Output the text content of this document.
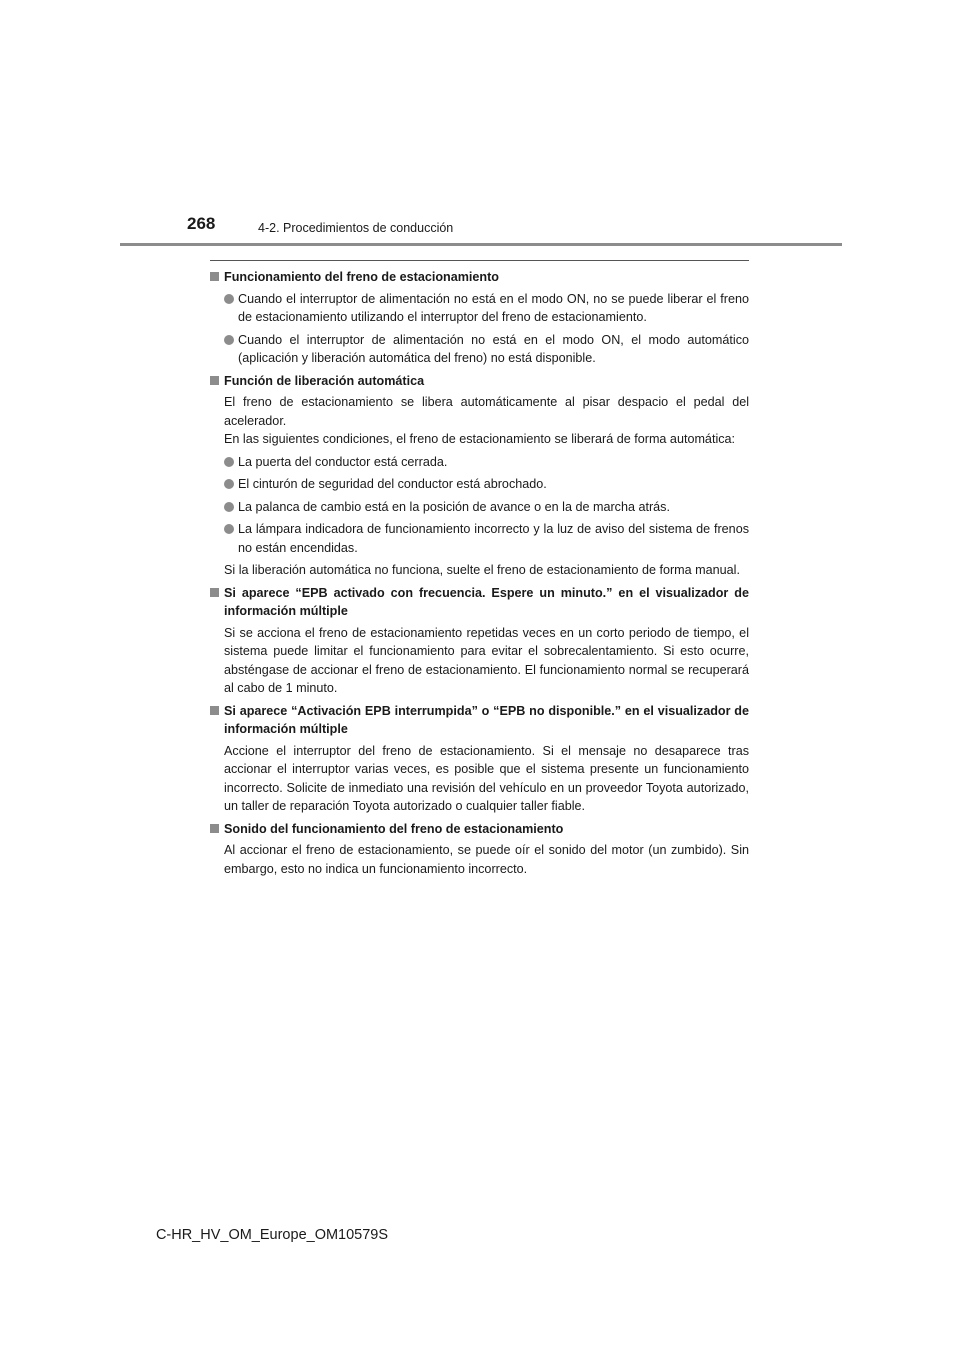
268	4-2. Procedimientos de conducción
Funcionamiento del freno de estacionamiento
Cuando el interruptor de alimentación no está en el modo ON, no se puede liberar el freno de estacionamiento utilizando el interruptor del freno de estacionamiento.
Cuando el interruptor de alimentación no está en el modo ON, el modo automático (aplicación y liberación automática del freno) no está disponible.
Función de liberación automática
El freno de estacionamiento se libera automáticamente al pisar despacio el pedal del acelerador.
En las siguientes condiciones, el freno de estacionamiento se liberará de forma automática:
La puerta del conductor está cerrada.
El cinturón de seguridad del conductor está abrochado.
La palanca de cambio está en la posición de avance o en la de marcha atrás.
La lámpara indicadora de funcionamiento incorrecto y la luz de aviso del sistema de frenos no están encendidas.
Si la liberación automática no funciona, suelte el freno de estacionamiento de forma manual.
Si aparece “EPB activado con frecuencia. Espere un minuto.” en el visualizador de información múltiple
Si se acciona el freno de estacionamiento repetidas veces en un corto periodo de tiempo, el sistema puede limitar el funcionamiento para evitar el sobrecalentamiento. Si esto ocurre, absténgase de accionar el freno de estacionamiento. El funcionamiento normal se recuperará al cabo de 1 minuto.
Si aparece “Activación EPB interrumpida” o “EPB no disponible.” en el visualizador de información múltiple
Accione el interruptor del freno de estacionamiento. Si el mensaje no desaparece tras accionar el interruptor varias veces, es posible que el sistema presente un funcionamiento incorrecto. Solicite de inmediato una revisión del vehículo en un proveedor Toyota autorizado, un taller de reparación Toyota autorizado o cualquier taller fiable.
Sonido del funcionamiento del freno de estacionamiento
Al accionar el freno de estacionamiento, se puede oír el sonido del motor (un zumbido). Sin embargo, esto no indica un funcionamiento incorrecto.
C-HR_HV_OM_Europe_OM10579S
